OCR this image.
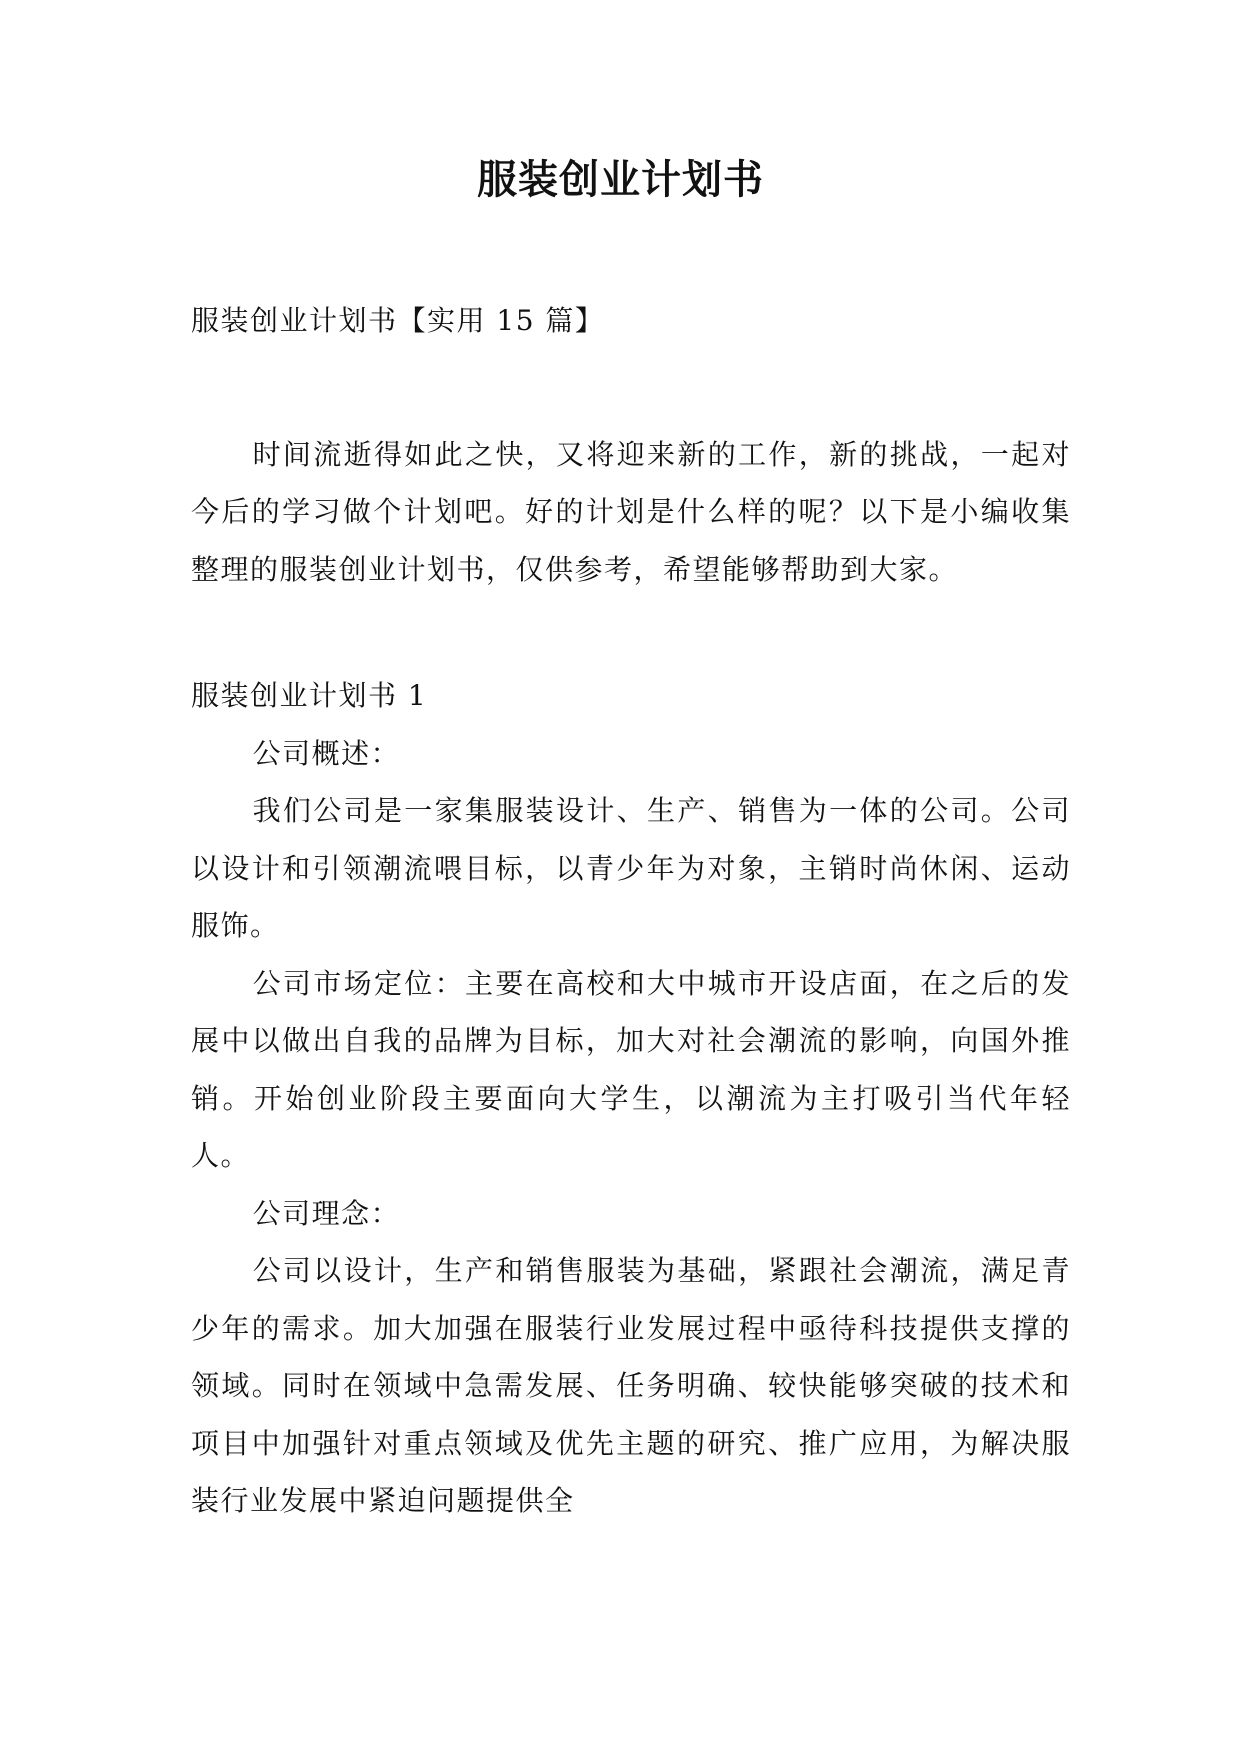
服装创业计划书

服装创业计划书【实用 15 篇】

时间流逝得如此之快，又将迎来新的工作，新的挑战，一起对今后的学习做个计划吧。好的计划是什么样的呢？以下是小编收集整理的服装创业计划书，仅供参考，希望能够帮助到大家。

服装创业计划书 1

公司概述：

我们公司是一家集服装设计、生产、销售为一体的公司。公司以设计和引领潮流喂目标，以青少年为对象，主销时尚休闲、运动服饰。

公司市场定位：主要在高校和大中城市开设店面，在之后的发展中以做出自我的品牌为目标，加大对社会潮流的影响，向国外推销。开始创业阶段主要面向大学生，以潮流为主打吸引当代年轻人。

公司理念：

公司以设计，生产和销售服装为基础，紧跟社会潮流，满足青少年的需求。加大加强在服装行业发展过程中亟待科技提供支撑的领域。同时在领域中急需发展、任务明确、较快能够突破的技术和项目中加强针对重点领域及优先主题的研究、推广应用，为解决服装行业发展中紧迫问题提供全
